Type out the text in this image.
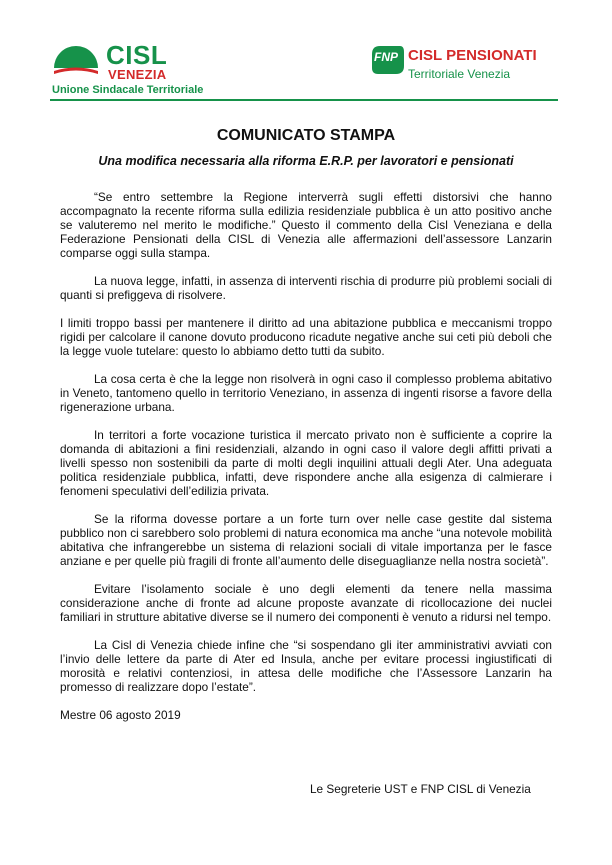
CISL
VENEZIA
Unione Sindacale Territoriale
FNP CISL PENSIONATI
Territoriale Venezia
COMUNICATO STAMPA
Una modifica necessaria alla riforma E.R.P. per lavoratori e pensionati

“Se entro settembre la Regione interverrà sugli effetti distorsivi che hanno accompagnato la recente riforma sulla edilizia residenziale pubblica è un atto positivo anche se valuteremo nel merito le modifiche.” Questo il commento della Cisl Veneziana e della Federazione Pensionati della CISL di Venezia alle affermazioni dell’assessore Lanzarin comparse oggi sulla stampa.

La nuova legge, infatti, in assenza di interventi rischia di produrre più problemi sociali di quanti si prefiggeva di risolvere.

I limiti troppo bassi per mantenere il diritto ad una abitazione pubblica e meccanismi troppo rigidi per calcolare il canone dovuto producono ricadute negative anche sui ceti più deboli che la legge vuole tutelare: questo lo abbiamo detto tutti da subito.

La cosa certa è che la legge non risolverà in ogni caso il complesso problema abitativo in Veneto, tantomeno quello in territorio Veneziano, in assenza di ingenti risorse a favore della rigenerazione urbana.

In territori a forte vocazione turistica il mercato privato non è sufficiente a coprire la domanda di abitazioni a fini residenziali, alzando in ogni caso il valore degli affitti privati a livelli spesso non sostenibili da parte di molti degli inquilini attuali degli Ater. Una adeguata politica residenziale pubblica, infatti, deve rispondere anche alla esigenza di calmierare i fenomeni speculativi dell’edilizia privata.

Se la riforma dovesse portare a un forte turn over nelle case gestite dal sistema pubblico non ci sarebbero solo problemi di natura economica ma anche “una notevole mobilità abitativa che infrangerebbe un sistema di relazioni sociali di vitale importanza per le fasce anziane e per quelle più fragili di fronte all’aumento delle diseguaglianze nella nostra società”.

Evitare l’isolamento sociale è uno degli elementi da tenere nella massima considerazione anche di fronte ad alcune proposte avanzate di ricollocazione dei nuclei familiari in strutture abitative diverse se il numero dei componenti è venuto a ridursi nel tempo.

La Cisl di Venezia chiede infine che “si sospendano gli iter amministrativi avviati con l’invio delle lettere da parte di Ater ed Insula, anche per evitare processi ingiustificati di morosità e relativi contenziosi, in attesa delle modifiche che l’Assessore Lanzarin ha promesso di realizzare dopo l’estate”.

Mestre 06 agosto 2019
Le Segreterie UST e FNP CISL di Venezia
